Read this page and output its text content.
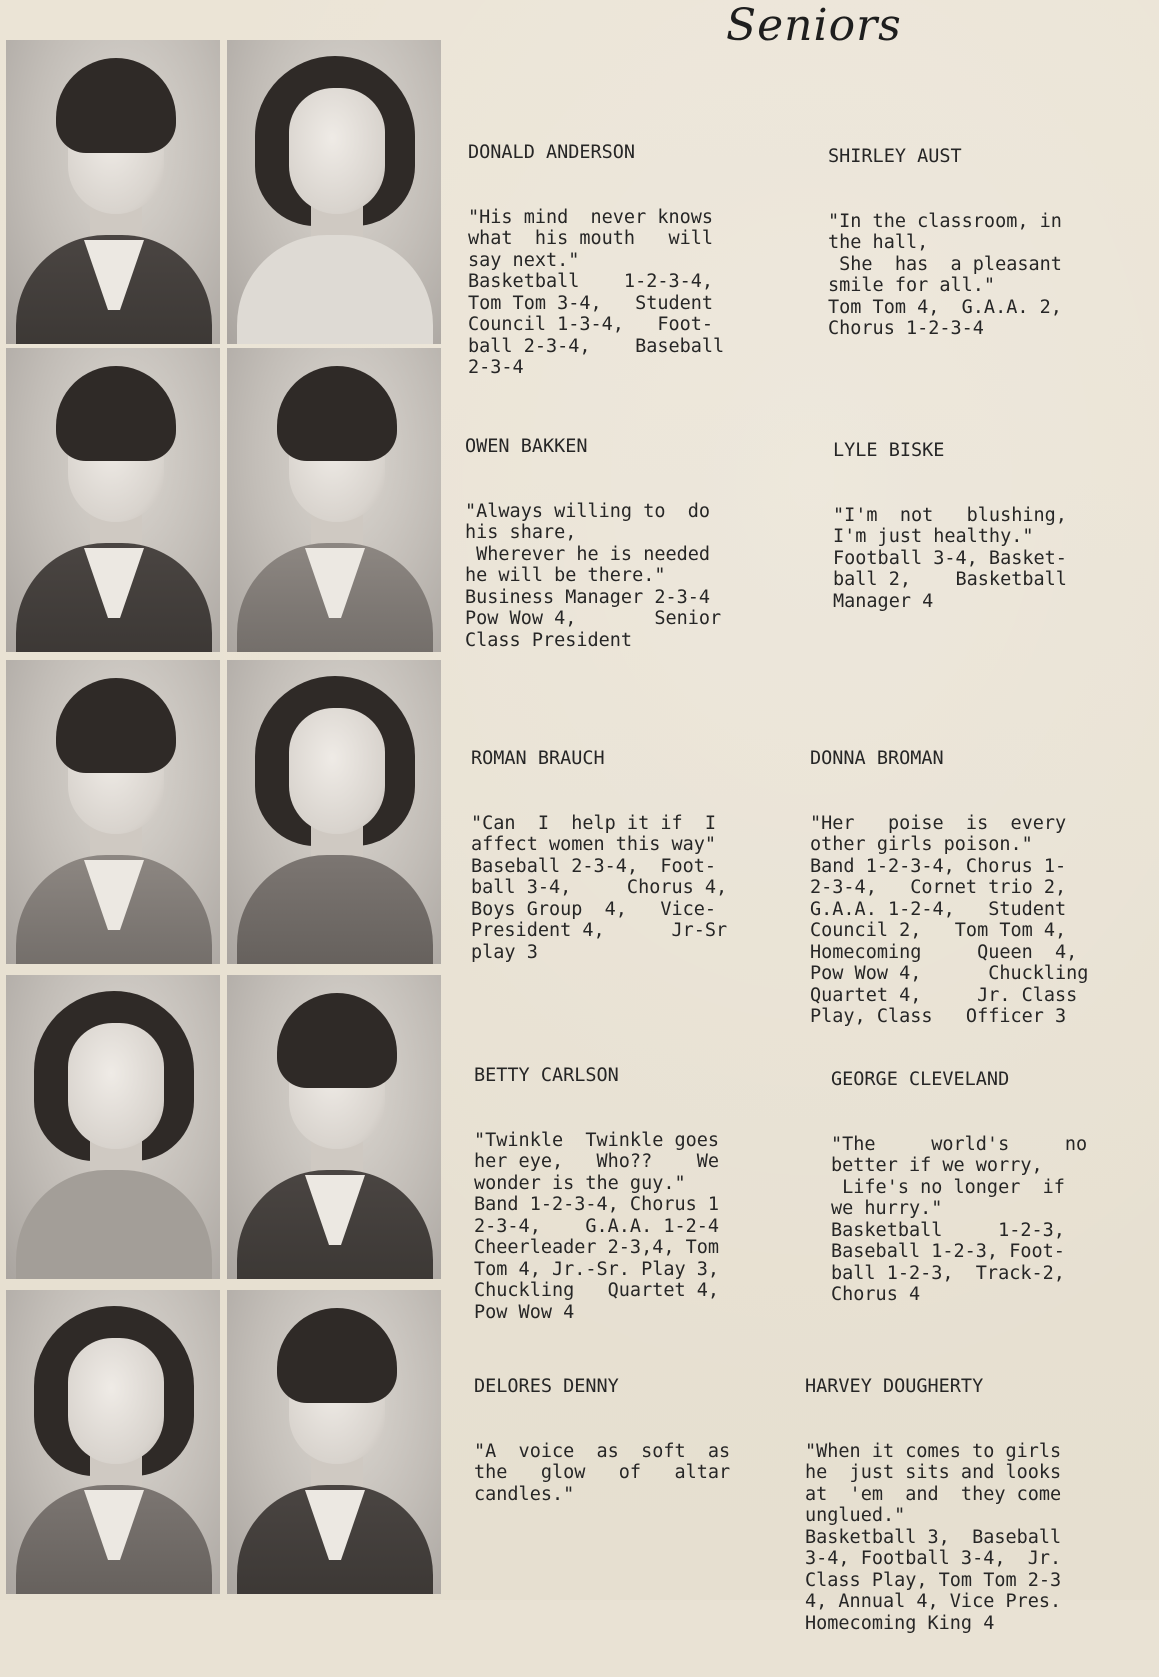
Seniors

DONALD ANDERSON

"His mind  never knows
what  his mouth   will
say next."
Basketball    1-2-3-4,
Tom Tom 3-4,   Student
Council 1-3-4,   Foot-
ball 2-3-4,    Baseball
2-3-4

SHIRLEY AUST

"In the classroom, in
the hall,
She  has  a pleasant
smile for all."
Tom Tom 4,  G.A.A. 2,
Chorus 1-2-3-4

OWEN BAKKEN

"Always willing to  do
his share,
Wherever he is needed
he will be there."
Business Manager 2-3-4
Pow Wow 4,       Senior
Class President

LYLE BISKE

"I'm  not   blushing,
I'm just healthy."
Football 3-4, Basket-
ball 2,    Basketball
Manager 4

ROMAN BRAUCH

"Can  I  help it if  I
affect women this way"
Baseball 2-3-4,  Foot-
ball 3-4,     Chorus 4,
Boys Group  4,   Vice-
President 4,      Jr-Sr
play 3

DONNA BROMAN

"Her   poise  is  every
other girls poison."
Band 1-2-3-4, Chorus 1-
2-3-4,   Cornet trio 2,
G.A.A. 1-2-4,   Student
Council 2,   Tom Tom 4,
Homecoming     Queen  4,
Pow Wow 4,      Chuckling
Quartet 4,     Jr. Class
Play, Class   Officer 3

BETTY CARLSON

"Twinkle  Twinkle goes
her eye,   Who??    We
wonder is the guy."
Band 1-2-3-4, Chorus 1
2-3-4,    G.A.A. 1-2-4
Cheerleader 2-3,4, Tom
Tom 4, Jr.-Sr. Play 3,
Chuckling   Quartet 4,
Pow Wow 4

GEORGE CLEVELAND

"The     world's     no
better if we worry,
Life's no longer  if
we hurry."
Basketball     1-2-3,
Baseball 1-2-3, Foot-
ball 1-2-3,  Track-2,
Chorus 4

DELORES DENNY

"A  voice  as  soft  as
the   glow   of   altar
candles."

HARVEY DOUGHERTY

"When it comes to girls
he  just sits and looks
at  'em  and  they come
unglued."
Basketball 3,  Baseball
3-4, Football 3-4,  Jr.
Class Play, Tom Tom 2-3
4, Annual 4, Vice Pres.
Homecoming King 4
